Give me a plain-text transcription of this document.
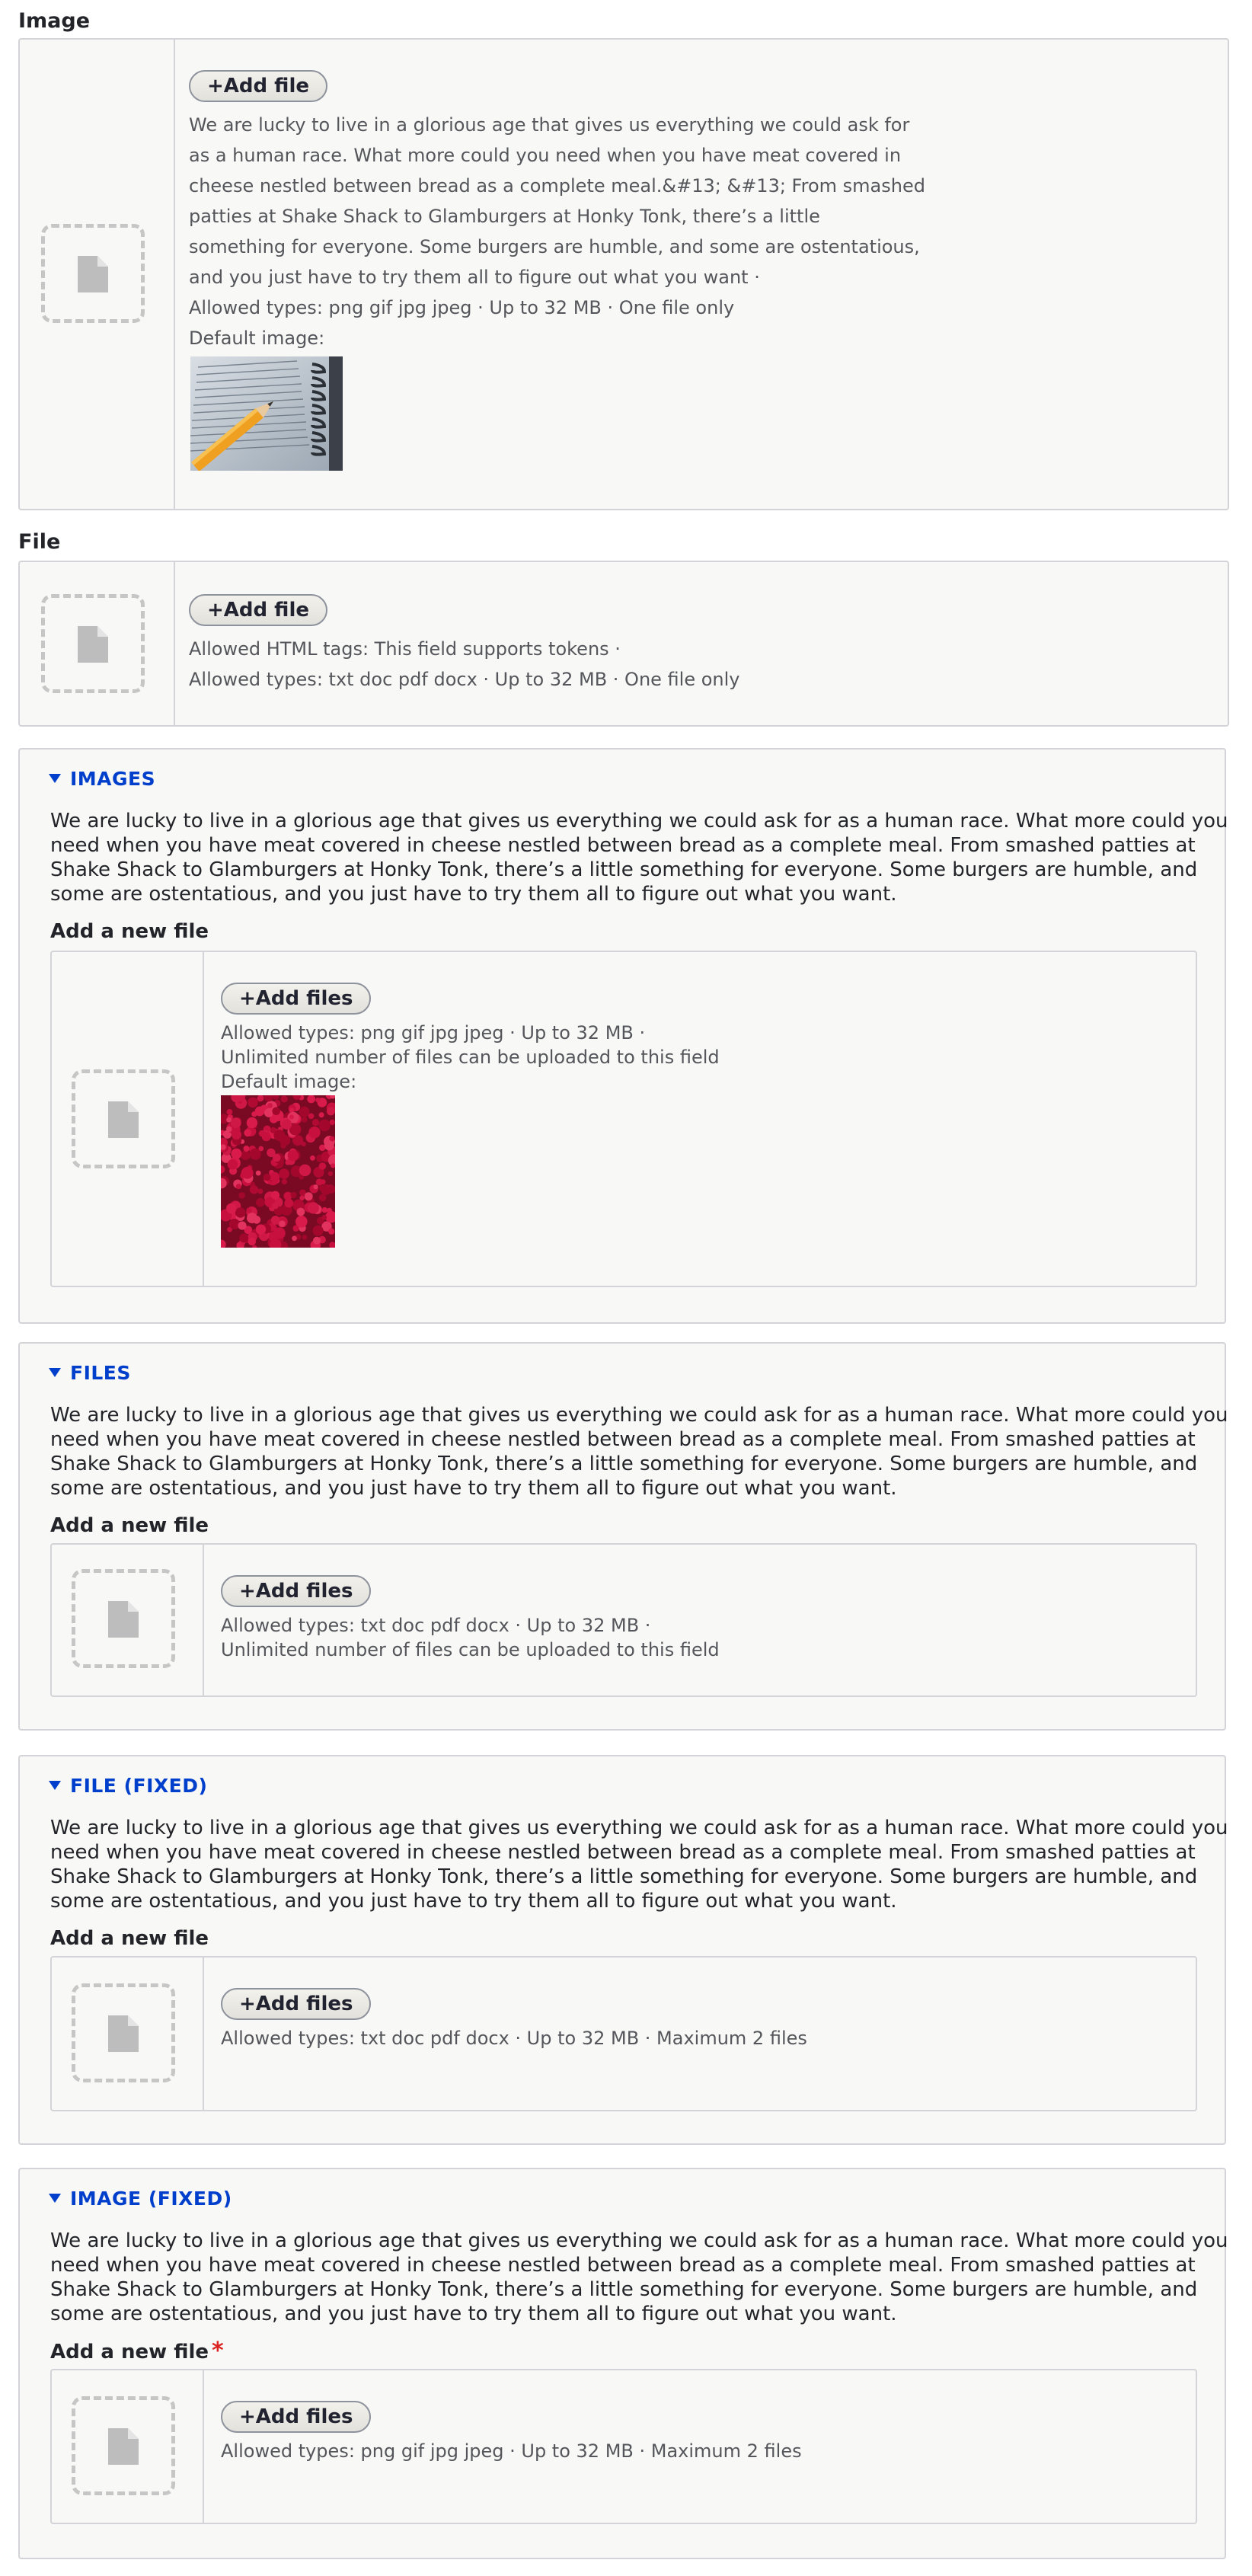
Image
+Add file
We are lucky to live in a glorious age that gives us everything we could ask for
as a human race. What more could you need when you have meat covered in
cheese nestled between bread as a complete meal.&#13; &#13; From smashed
patties at Shake Shack to Glamburgers at Honky Tonk, there’s a little
something for everyone. Some burgers are humble, and some are ostentatious,
and you just have to try them all to figure out what you want ·
Allowed types: png gif jpg jpeg · Up to 32 MB · One file only
Default image:
File
+Add file
Allowed HTML tags: This field supports tokens ·
Allowed types: txt doc pdf docx · Up to 32 MB · One file only
IMAGES
We are lucky to live in a glorious age that gives us everything we could ask for as a human race. What more could you
need when you have meat covered in cheese nestled between bread as a complete meal. From smashed patties at
Shake Shack to Glamburgers at Honky Tonk, there’s a little something for everyone. Some burgers are humble, and
some are ostentatious, and you just have to try them all to figure out what you want.
Add a new file
+Add files
Allowed types: png gif jpg jpeg · Up to 32 MB ·
Unlimited number of files can be uploaded to this field
Default image:
FILES
We are lucky to live in a glorious age that gives us everything we could ask for as a human race. What more could you
need when you have meat covered in cheese nestled between bread as a complete meal. From smashed patties at
Shake Shack to Glamburgers at Honky Tonk, there’s a little something for everyone. Some burgers are humble, and
some are ostentatious, and you just have to try them all to figure out what you want.
Add a new file
+Add files
Allowed types: txt doc pdf docx · Up to 32 MB ·
Unlimited number of files can be uploaded to this field
FILE (FIXED)
We are lucky to live in a glorious age that gives us everything we could ask for as a human race. What more could you
need when you have meat covered in cheese nestled between bread as a complete meal. From smashed patties at
Shake Shack to Glamburgers at Honky Tonk, there’s a little something for everyone. Some burgers are humble, and
some are ostentatious, and you just have to try them all to figure out what you want.
Add a new file
+Add files
Allowed types: txt doc pdf docx · Up to 32 MB · Maximum 2 files
IMAGE (FIXED)
We are lucky to live in a glorious age that gives us everything we could ask for as a human race. What more could you
need when you have meat covered in cheese nestled between bread as a complete meal. From smashed patties at
Shake Shack to Glamburgers at Honky Tonk, there’s a little something for everyone. Some burgers are humble, and
some are ostentatious, and you just have to try them all to figure out what you want.
Add a new file *
+Add files
Allowed types: png gif jpg jpeg · Up to 32 MB · Maximum 2 files
